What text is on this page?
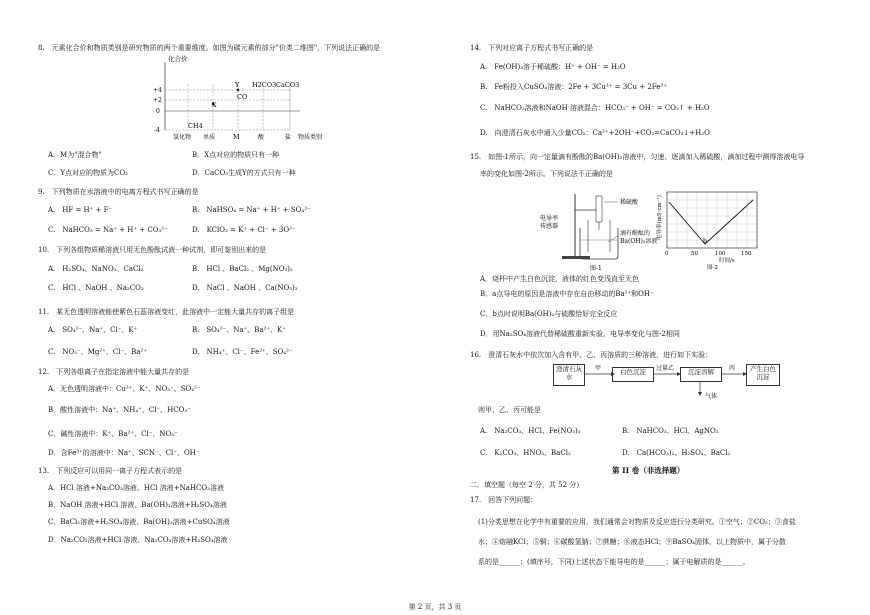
8.　元素化合价和物质类别是研究物质的两个重要维度。如图为碳元素的部分"价类二维图"，下列说法正确的是
化合价
+4
+2
0
-4
Y H2CO3 CaCO3
CO
X
CH4
氢化物 单质	M	酸	盐 物质类别
A．M为"混合物"	B．X点对应的物质只有一种
C．Y点对应的物质为CO₂	D．CaCO₃生成Y的方式只有一种
9.　下列物质在水溶液中的电离方程式书写正确的是
A.　HF = H⁺ + F⁻	B.　NaHSO₄ = Na⁺ + H⁺ + SO₄²⁻
C.　NaHCO₃ = Na⁺ + H⁺ + CO₃²⁻	D.　KClO₃ = K⁺ + Cl⁻ + 3O²⁻
10.　下列各组物质稀溶液只用无色酚酞试液一种试剂，即可鉴别出来的是
A.　H₂SO₄、NaNO₃、CaCl₂	B.　HCl 、BaCl₂ 、Mg(NO₃)₂
C.　HCl 、NaOH 、Na₂CO₃	D.　NaCl 、NaOH 、Ca(NO₃)₂
11.　某无色透明溶液能使紫色石蕊溶液变红，此溶液中一定能大量共存的离子组是
A.　SO₄²⁻、Na⁺、Cl⁻、K⁺	B.　SO₄²⁻、Na⁺、Ba²⁺、K⁺
C.　NO₃⁻、Mg²⁺、Cl⁻、Ba²⁺	D.　NH₄⁺、Cl⁻、Fe²⁺、SO₄²⁻
12.　下列各组离子在指定溶液中能大量共存的是
A．无色透明溶液中：Cu²⁺、K⁺、NO₃⁻、SO₄²⁻
B．酸性溶液中：Na⁺、NH₄⁺、Cl⁻、HCO₃⁻
C．碱性溶液中：K⁺、Ba²⁺、Cl⁻、NO₃⁻
D．含Fe³⁺的溶液中：Na⁺、SCN⁻、Cl⁻、OH⁻
13.　下列反应可以用同一离子方程式表示的是
A．HCl 溶液+Na₂CO₃溶液、HCl 溶液+NaHCO₃溶液
B．NaOH 溶液+HCl 溶液、Ba(OH)₂溶液+H₂SO₄溶液
C．BaCl₂溶液+H₂SO₄溶液、Ba(OH)₂溶液+CuSO₄溶液
D．Na₂CO₃溶液+HCl 溶液、Na₂CO₃溶液+H₂SO₄溶液
14.　下列对应离子方程式书写正确的是
A.　Fe(OH)₃溶于稀硫酸：H⁺ + OH⁻ = H₂O
B.　Fe粉投入CuSO₄溶液：2Fe + 3Cu²⁺ = 3Cu + 2Fe³⁺
C.　NaHCO₃溶液和NaOH 溶液混合：HCO₃⁻ + OH⁻ = CO₂↑ + H₂O
D.　向澄清石灰水中通入少量CO₂：Ca²⁺+2OH⁻+CO₂=CaCO₃↓+H₂O
15.　如图-1所示，向一定量滴有酚酞的Ba(OH)₂溶液中，匀速、逐滴加入稀硫酸，滴加过程中测得溶液电导
率的变化如图-2所示。下列说法不正确的是
电导率
传感器
稀硫酸
滴有酚酞的
Ba(OH)₂溶液
图-1
电导率(mS·cm⁻¹)
b
0	50	100	150
时间/s
图-2
A．烧杯中产生白色沉淀，液体的红色变浅直至无色
B．a点导电的原因是溶液中存在自由移动的Ba²⁺和OH⁻
C．b点时说明Ba(OH)₂与硫酸恰好完全反应
D．用Na₂SO₄溶液代替稀硫酸重新实验，电导率变化与图-2相同
16.　澄清石灰水中依次加入含有甲、乙、丙溶质的三种溶液，进行如下实验：
澄清石灰水
白色沉淀	沉淀溶解	产生白色沉淀
甲	过量乙	丙
气体
则甲、乙、丙可能是
A.　Na₂CO₃、HCl、Fe(NO₃)₃	B.　NaHCO₃、HCl、AgNO₃
C.　K₂CO₃、HNO₃、BaCl₂	D.　Ca(HCO₃)₂、H₂SO₄、BaCl₂
第 II 卷（非选择题）
二．填空题（每空 2 分，共 52 分）
17.　回答下列问题：
(1)分类思想在化学中有重要的应用，我们通常会对物质及反应进行分类研究。①空气；②CO₂；③食盐
水；④熔融KCl；⑤铜；⑥碳酸氢钠；⑦蔗糖；⑧液态HCl；⑨BaSO₄固体。以上物质中，属于分散
系的是______；(填序号，下同)上述状态下能导电的是______；属于电解质的是______。
第 2 页，共 3 页
